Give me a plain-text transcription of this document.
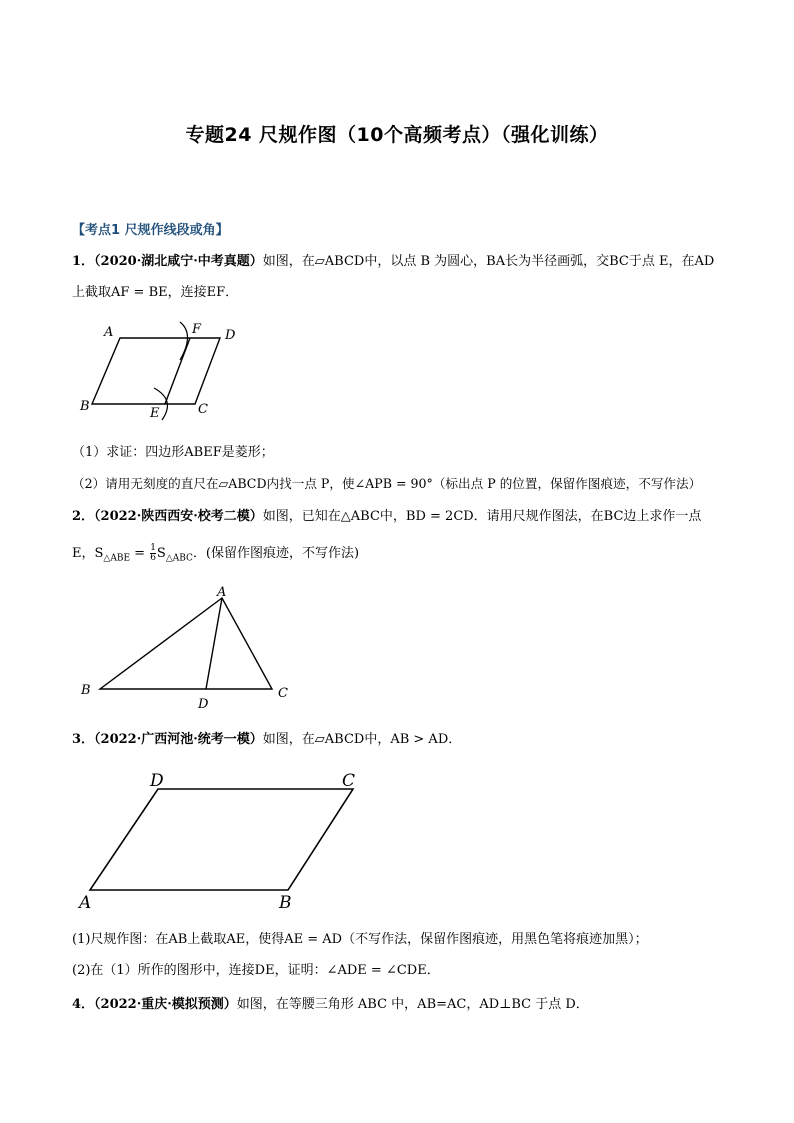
专题24 尺规作图（10个高频考点）（强化训练）
【考点1 尺规作线段或角】
1．（2020·湖北咸宁·中考真题）如图，在▱ABCD中，以点 B 为圆心，BA长为半径画弧，交BC于点 E，在AD
上截取AF = BE，连接EF．
A	F D
B	E	C
（1）求证：四边形ABEF是菱形；
（2）请用无刻度的直尺在▱ABCD内找一点 P，使∠APB = 90°（标出点 P 的位置，保留作图痕迹，不写作法）
2．（2022·陕西西安·校考二模）如图，已知在△ABC中，BD = 2CD．请用尺规作图法，在BC边上求作一点
E，$S_{\triangle ABE} = \frac{1}{6} S_{\triangle ABC}$．(保留作图痕迹，不写作法)
A
B
D
C
3．（2022·广西河池·统考一模）如图，在▱ABCD中，AB > AD．
D	C
A	B
(1)尺规作图：在AB上截取AE，使得AE = AD（不写作法，保留作图痕迹，用黑色笔将痕迹加黑）；
(2)在（1）所作的图形中，连接DE，证明：∠ADE = ∠CDE．
4．（2022·重庆·模拟预测）如图，在等腰三角形 ABC 中，AB=AC，AD⊥BC 于点 D．
